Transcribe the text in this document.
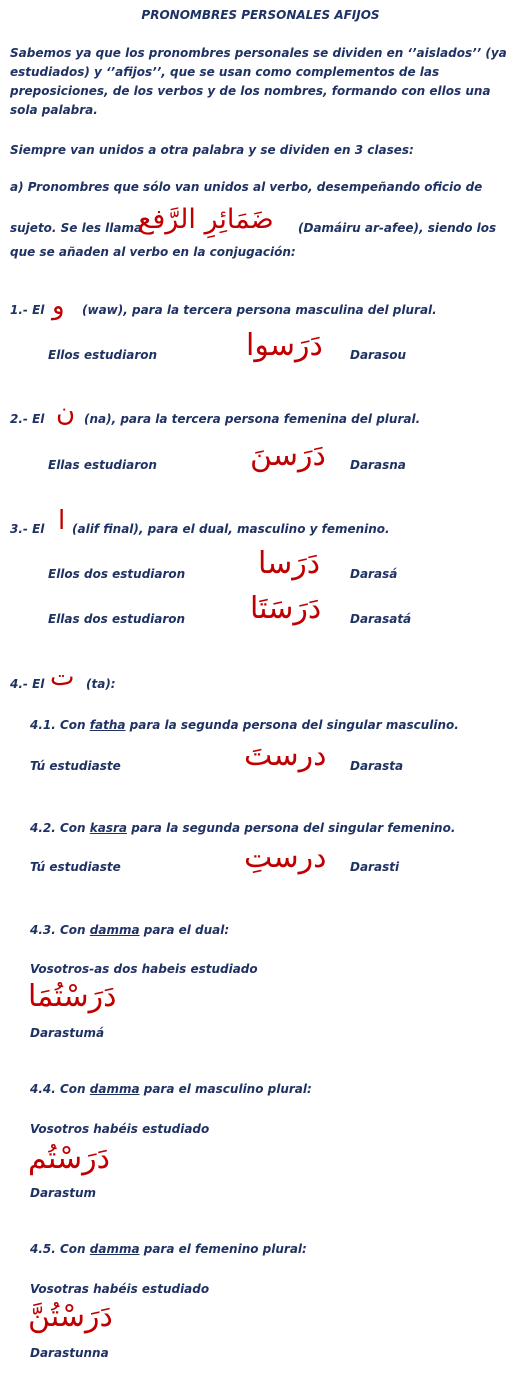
PRONOMBRES PERSONALES AFIJOS
Sabemos ya que los pronombres personales se dividen en ‘’aislados’’ (ya estudiados) y ‘’afijos’’, que se usan como complementos de las preposiciones, de los verbos y de los nombres, formando con ellos una sola palabra.
Siempre van unidos a otra palabra y se dividen en 3 clases:
a) Pronombres que sólo van unidos al verbo, desempeñando oficio de
sujeto. Se les llama
ضَمَائِرِ الرَّفع (Damáiru ar-afee), siendo los
que se añaden al verbo en la conjugación:
1.- El و (waw), para la tercera persona masculina del plural.
Ellos estudiaron	دَرَسوا Darasou
2.- El ن (na), para la tercera persona femenina del plural.
Ellas estudiaron	دَرَسنَ Darasna
3.- El ا (alif final), para el dual, masculino y femenino.
Ellos dos estudiaron دَرَسا Darasá
Ellas dos estudiaron دَرَسَتَا Darasatá
4.- El ت (ta):
4.1. Con fatha para la segunda persona del singular masculino.
Tú estudiaste	درستَ Darasta
4.2. Con kasra para la segunda persona del singular femenino.
درستِ
Tú estudiaste	Darasti
4.3. Con damma para el dual:
Vosotros-as dos habeis estudiado
دَرَسْتُمَا
Darastumá
4.4. Con damma para el masculino plural:
Vosotros habéis estudiado
دَرَسْتُم
Darastum
4.5. Con damma para el femenino plural:
Vosotras habéis estudiado
دَرَسْتُنَّ
Darastunna
